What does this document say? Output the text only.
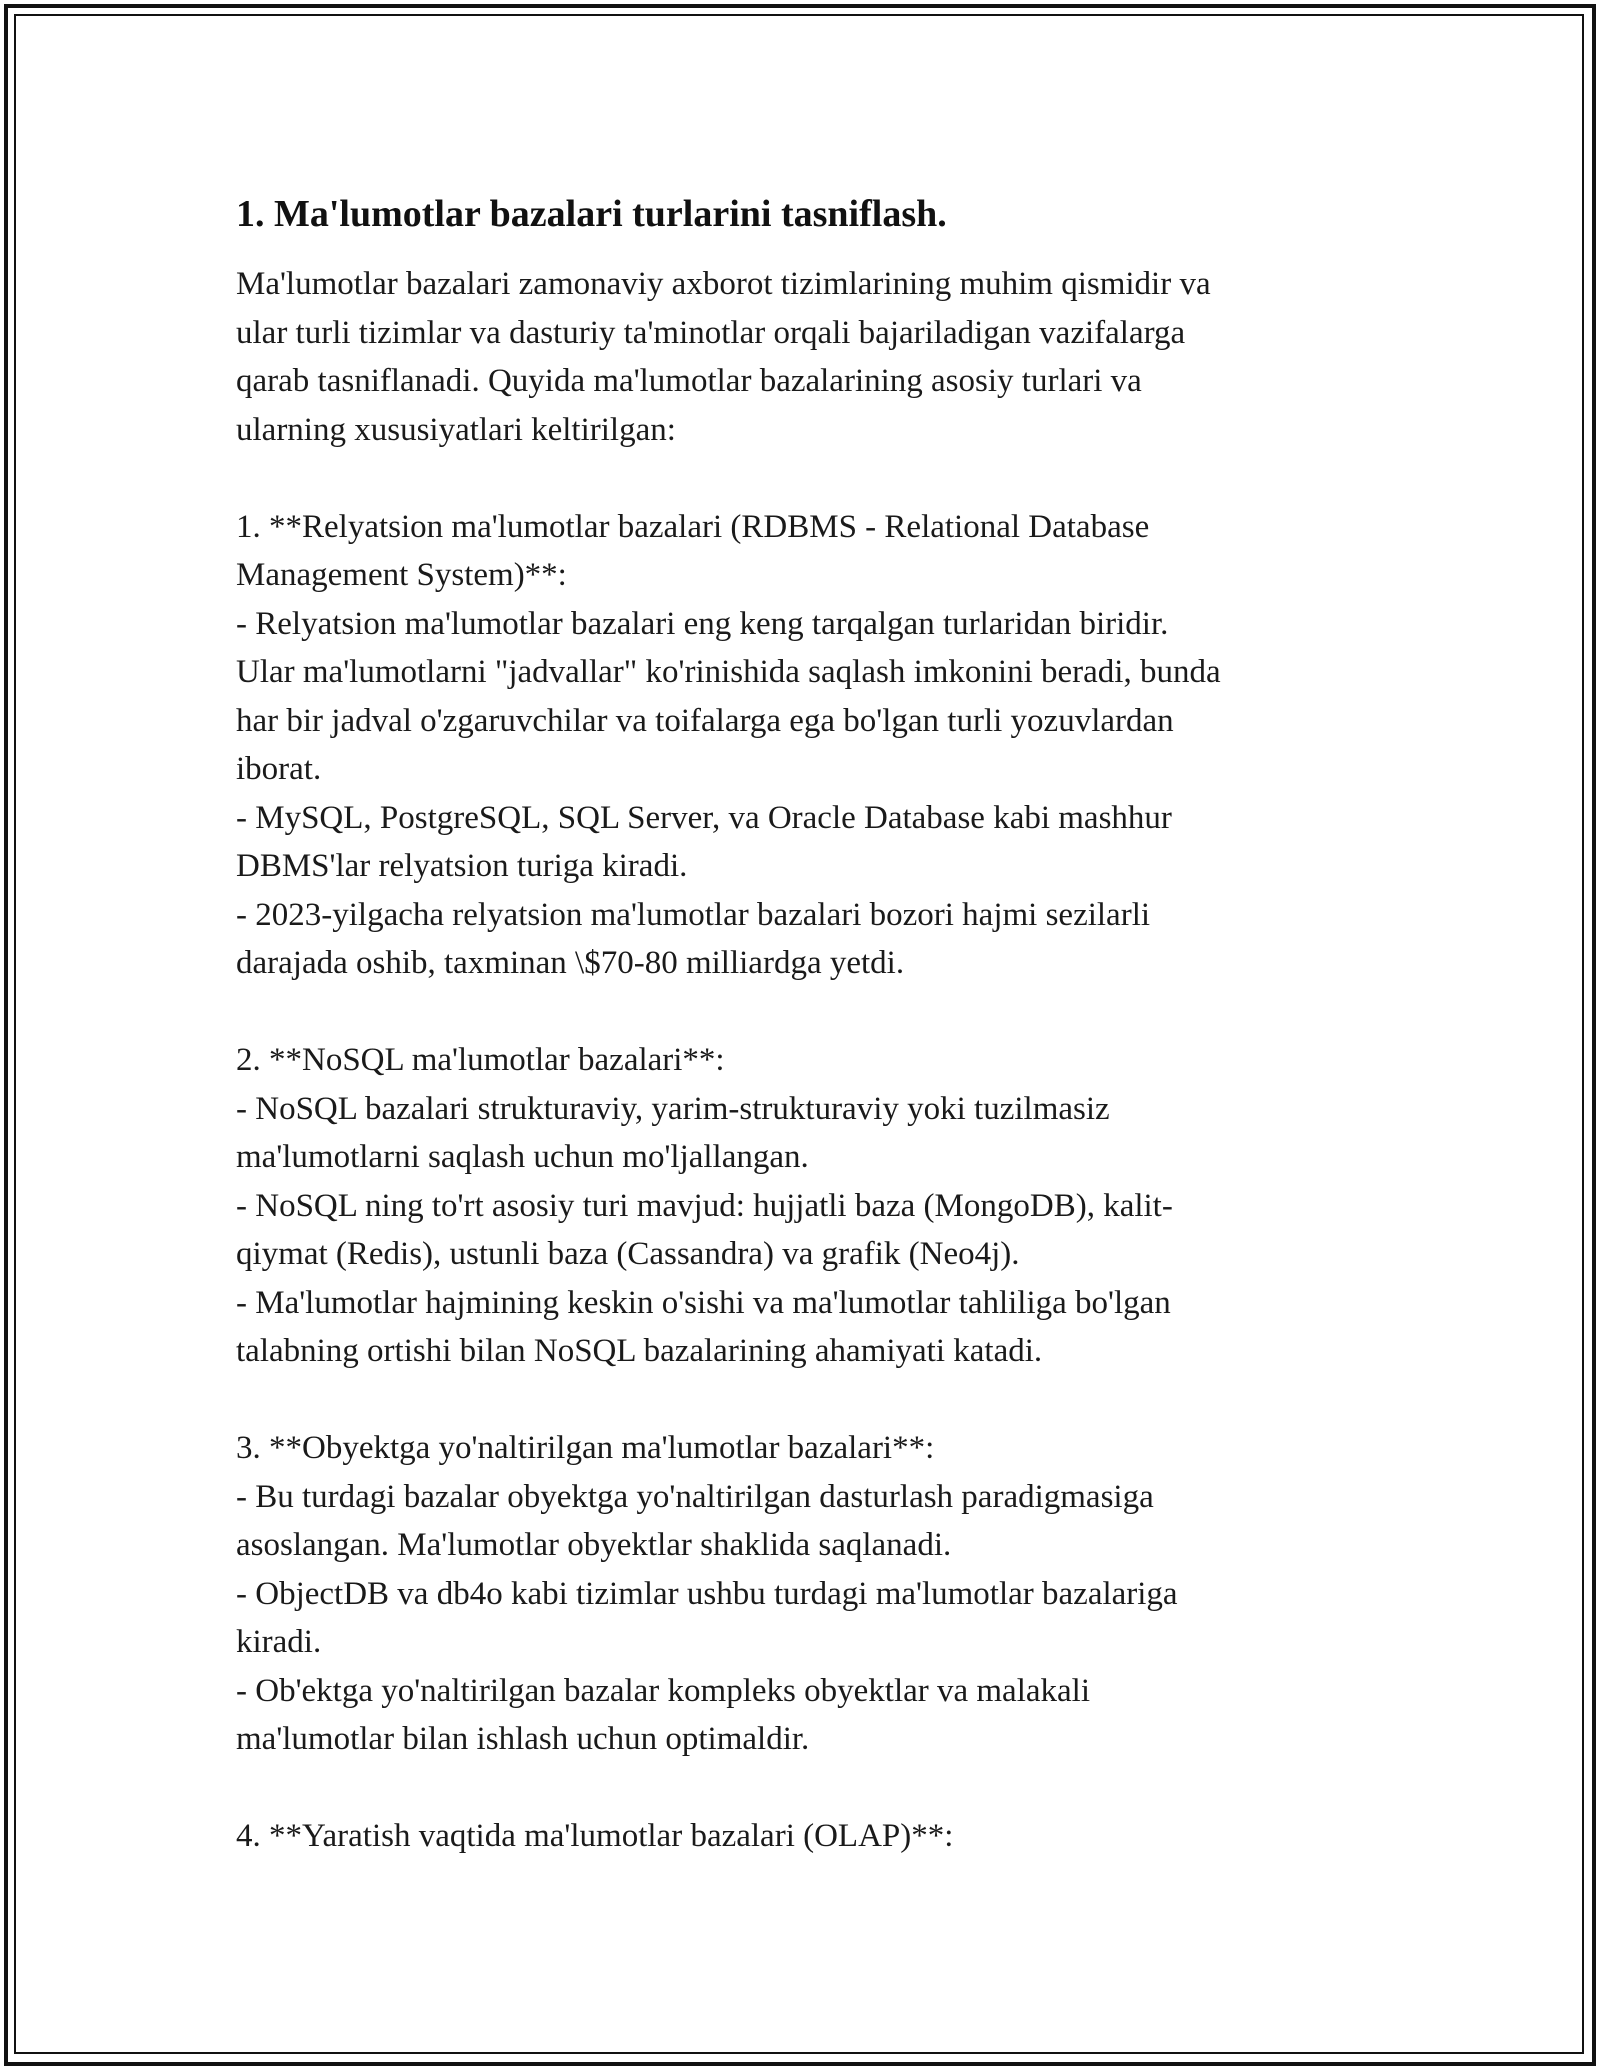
1. Ma'lumotlar bazalari turlarini tasniflash.

Ma'lumotlar bazalari zamonaviy axborot tizimlarining muhim qismidir va
ular turli tizimlar va dasturiy ta'minotlar orqali bajariladigan vazifalarga
qarab tasniflanadi. Quyida ma'lumotlar bazalarining asosiy turlari va
ularning xususiyatlari keltirilgan:

1. **Relyatsion ma'lumotlar bazalari (RDBMS - Relational Database
Management System)**:
- Relyatsion ma'lumotlar bazalari eng keng tarqalgan turlaridan biridir.
Ular ma'lumotlarni "jadvallar" ko'rinishida saqlash imkonini beradi, bunda
har bir jadval o'zgaruvchilar va toifalarga ega bo'lgan turli yozuvlardan
iborat.
- MySQL, PostgreSQL, SQL Server, va Oracle Database kabi mashhur
DBMS'lar relyatsion turiga kiradi.
- 2023-yilgacha relyatsion ma'lumotlar bazalari bozori hajmi sezilarli
darajada oshib, taxminan \$70-80 milliardga yetdi.

2. **NoSQL ma'lumotlar bazalari**:
- NoSQL bazalari strukturaviy, yarim-strukturaviy yoki tuzilmasiz
ma'lumotlarni saqlash uchun mo'ljallangan.
- NoSQL ning to'rt asosiy turi mavjud: hujjatli baza (MongoDB), kalit-
qiymat (Redis), ustunli baza (Cassandra) va grafik (Neo4j).
- Ma'lumotlar hajmining keskin o'sishi va ma'lumotlar tahliliga bo'lgan
talabning ortishi bilan NoSQL bazalarining ahamiyati katadi.

3. **Obyektga yo'naltirilgan ma'lumotlar bazalari**:
- Bu turdagi bazalar obyektga yo'naltirilgan dasturlash paradigmasiga
asoslangan. Ma'lumotlar obyektlar shaklida saqlanadi.
- ObjectDB va db4o kabi tizimlar ushbu turdagi ma'lumotlar bazalariga
kiradi.
- Ob'ektga yo'naltirilgan bazalar kompleks obyektlar va malakali
ma'lumotlar bilan ishlash uchun optimaldir.

4. **Yaratish vaqtida ma'lumotlar bazalari (OLAP)**:
